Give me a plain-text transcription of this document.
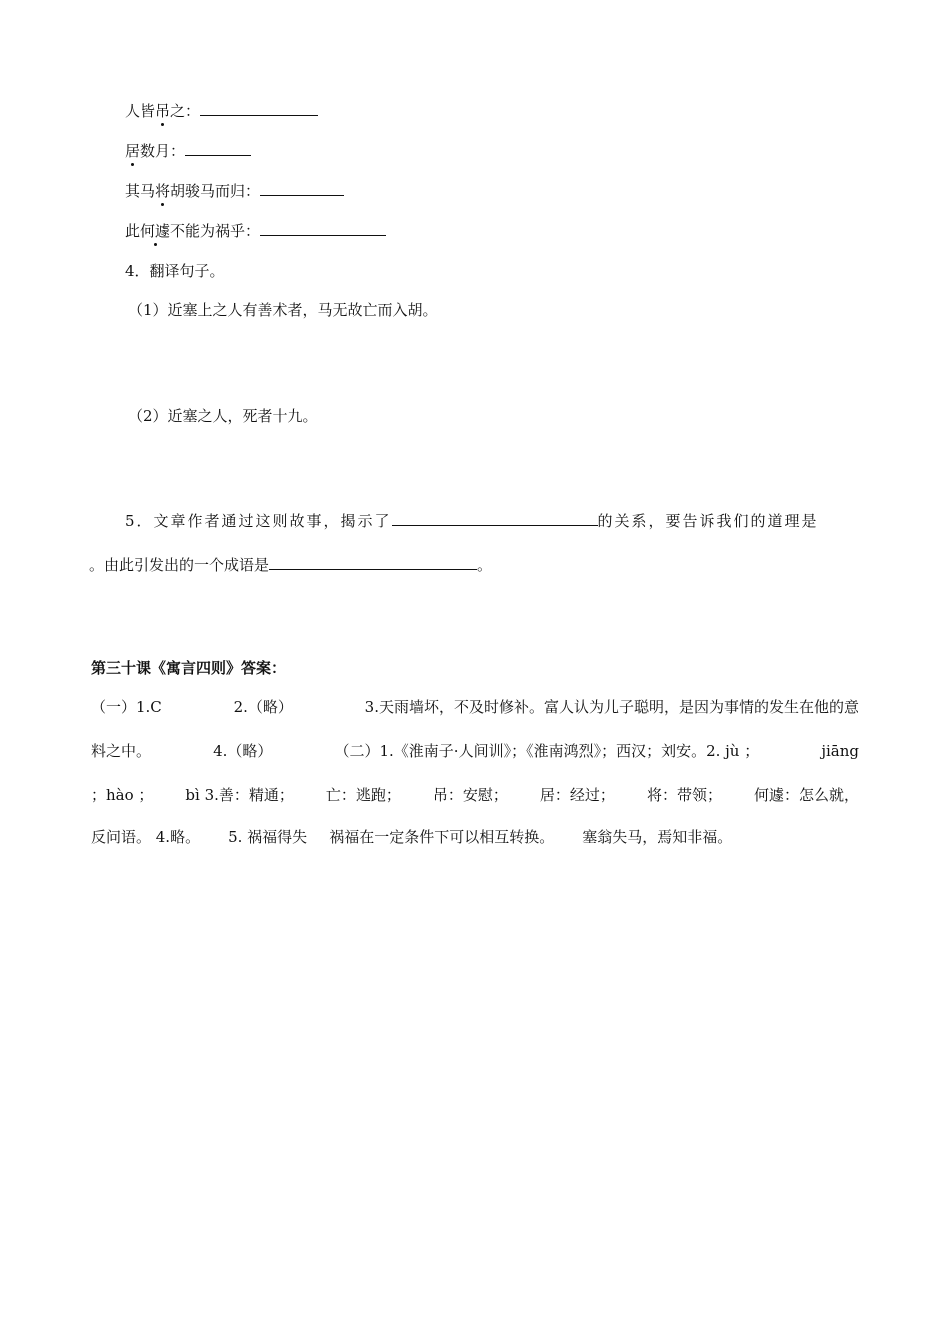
人皆吊之：
居数月：
其马将胡骏马而归：
此何遽不能为祸乎：
4．翻译句子。
（1）近塞上之人有善术者，马无故亡而入胡。
（2）近塞之人，死者十九。
5．文章作者通过这则故事，揭示了	的关系，要告诉我们的道理是
。由此引发出的一个成语是	。
第三十课《寓言四则》答案：
（一）1.C	2.（略）	3.天雨墙坏，不及时修补。富人认为儿子聪明，是因为事情的发生在他的意
料之中。	4.（略）	（二）1.《淮南子·人间训》；《淮南鸿烈》；西汉；刘安。2. jù ；	jiāng
；hào ； bì 3.善：精通； 亡：逃跑； 吊：安慰； 居：经过； 将：带领； 何遽：怎么就，
反问语。 4.略。 5. 祸福得失 祸福在一定条件下可以相互转换。 塞翁失马，焉知非福。
